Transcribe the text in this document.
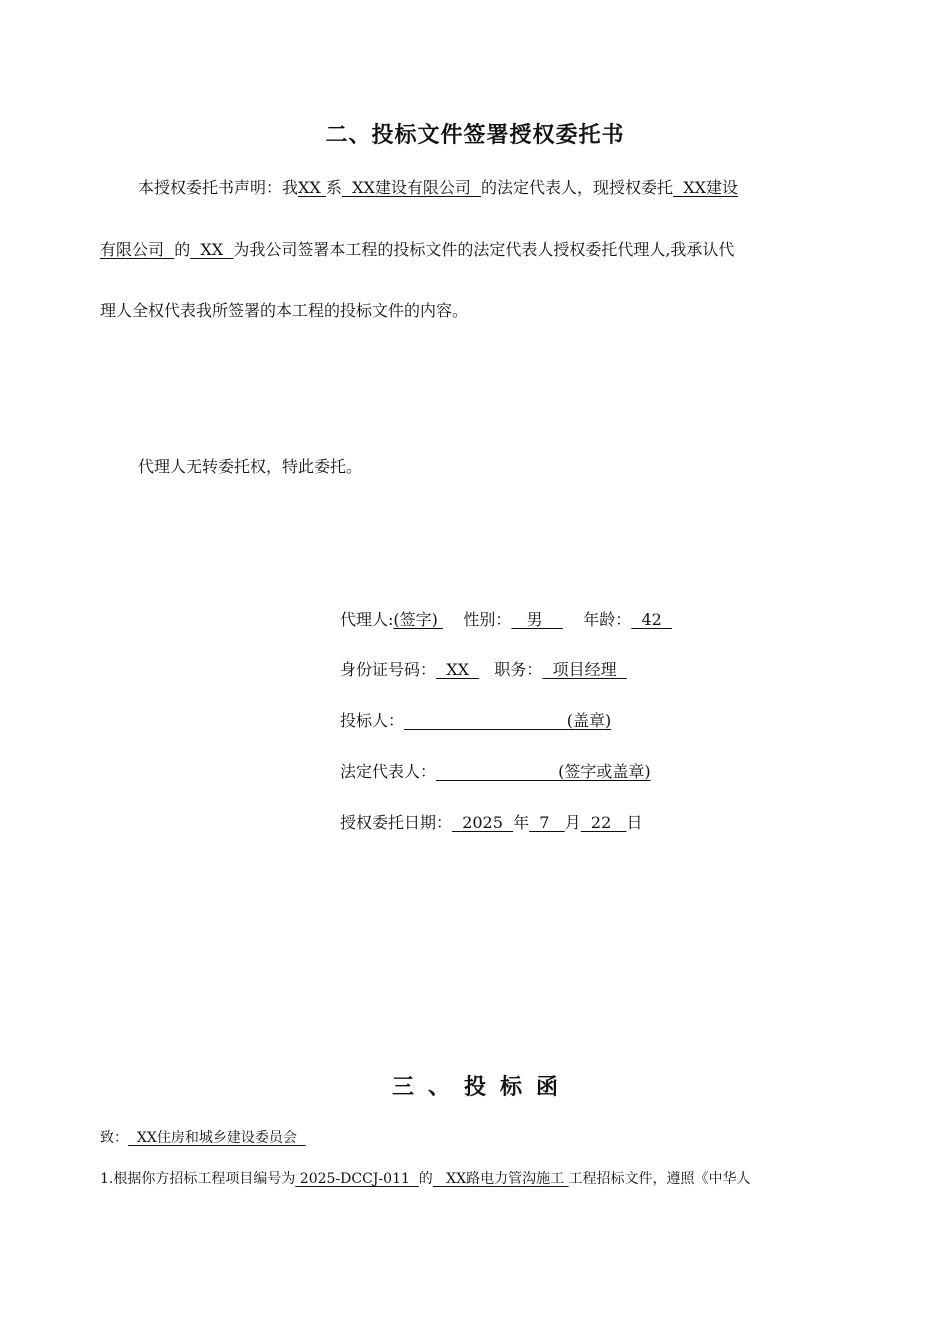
二、投标文件签署授权委托书
本授权委托书声明：我XX 系  XX建设有限公司  的法定代表人，现授权委托  XX建设
有限公司  的  XX  为我公司签署本工程的投标文件的法定代表人授权委托代理人,我承认代
理人全权代表我所签署的本工程的投标文件的内容。
代理人无转委托权，特此委托。
代理人:(签字)     性别：   男        年龄：  42
身份证号码：  XX     职务：  项目经理
投标人：                                (盖章)
法定代表人：                        (签字或盖章)
授权委托日期：  2025  年  7   月  22   日
三、投标函
致：  XX住房和城乡建设委员会
1.根据你方招标工程项目编号为 2025-DCCJ-011  的   XX路电力管沟施工 工程招标文件，遵照《中华人
